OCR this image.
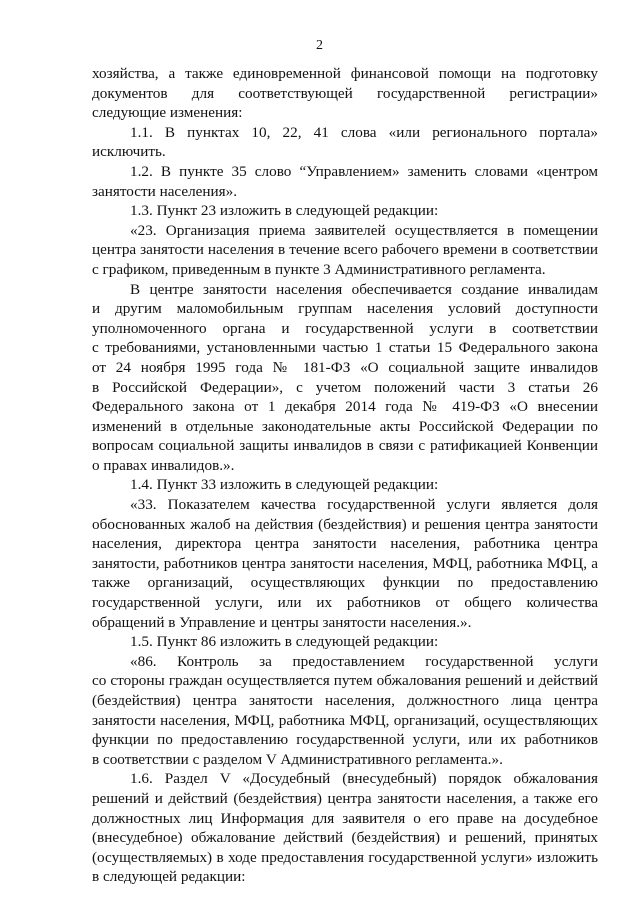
2
хозяйства, а также единовременной финансовой помощи на подготовку
документов для соответствующей государственной регистрации»
следующие изменения:
1.1. В пунктах 10, 22, 41 слова «или регионального портала»
исключить.
1.2. В пункте 35 слово “Управлением» заменить словами «центром
занятости населения».
1.3. Пункт 23 изложить в следующей редакции:
«23. Организация приема заявителей осуществляется в помещении
центра занятости населения в течение всего рабочего времени в соответствии
с графиком, приведенным в пункте 3 Административного регламента.
В центре занятости населения обеспечивается создание инвалидам
и другим маломобильным группам населения условий доступности
уполномоченного органа и государственной услуги в соответствии
с требованиями, установленными частью 1 статьи 15 Федерального закона
от 24 ноября 1995 года № 181-ФЗ «О социальной защите инвалидов
в Российской Федерации», с учетом положений части 3 статьи 26
Федерального закона от 1 декабря 2014 года № 419-ФЗ «О внесении
изменений в отдельные законодательные акты Российской Федерации по
вопросам социальной защиты инвалидов в связи с ратификацией Конвенции
о правах инвалидов.».
1.4. Пункт 33 изложить в следующей редакции:
«33. Показателем качества государственной услуги является доля
обоснованных жалоб на действия (бездействия) и решения центра занятости
населения, директора центра занятости населения, работника центра
занятости, работников центра занятости населения, МФЦ, работника МФЦ, а
также организаций, осуществляющих функции по предоставлению
государственной услуги, или их работников от общего количества
обращений в Управление и центры занятости населения.».
1.5. Пункт 86 изложить в следующей редакции:
«86. Контроль за предоставлением государственной услуги
со стороны граждан осуществляется путем обжалования решений и действий
(бездействия) центра занятости населения, должностного лица центра
занятости населения, МФЦ, работника МФЦ, организаций, осуществляющих
функции по предоставлению государственной услуги, или их работников
в соответствии с разделом V Административного регламента.».
1.6. Раздел V «Досудебный (внесудебный) порядок обжалования
решений и действий (бездействия) центра занятости населения, а также его
должностных лиц Информация для заявителя о его праве на досудебное
(внесудебное) обжалование действий (бездействия) и решений, принятых
(осуществляемых) в ходе предоставления государственной услуги» изложить
в следующей редакции:
